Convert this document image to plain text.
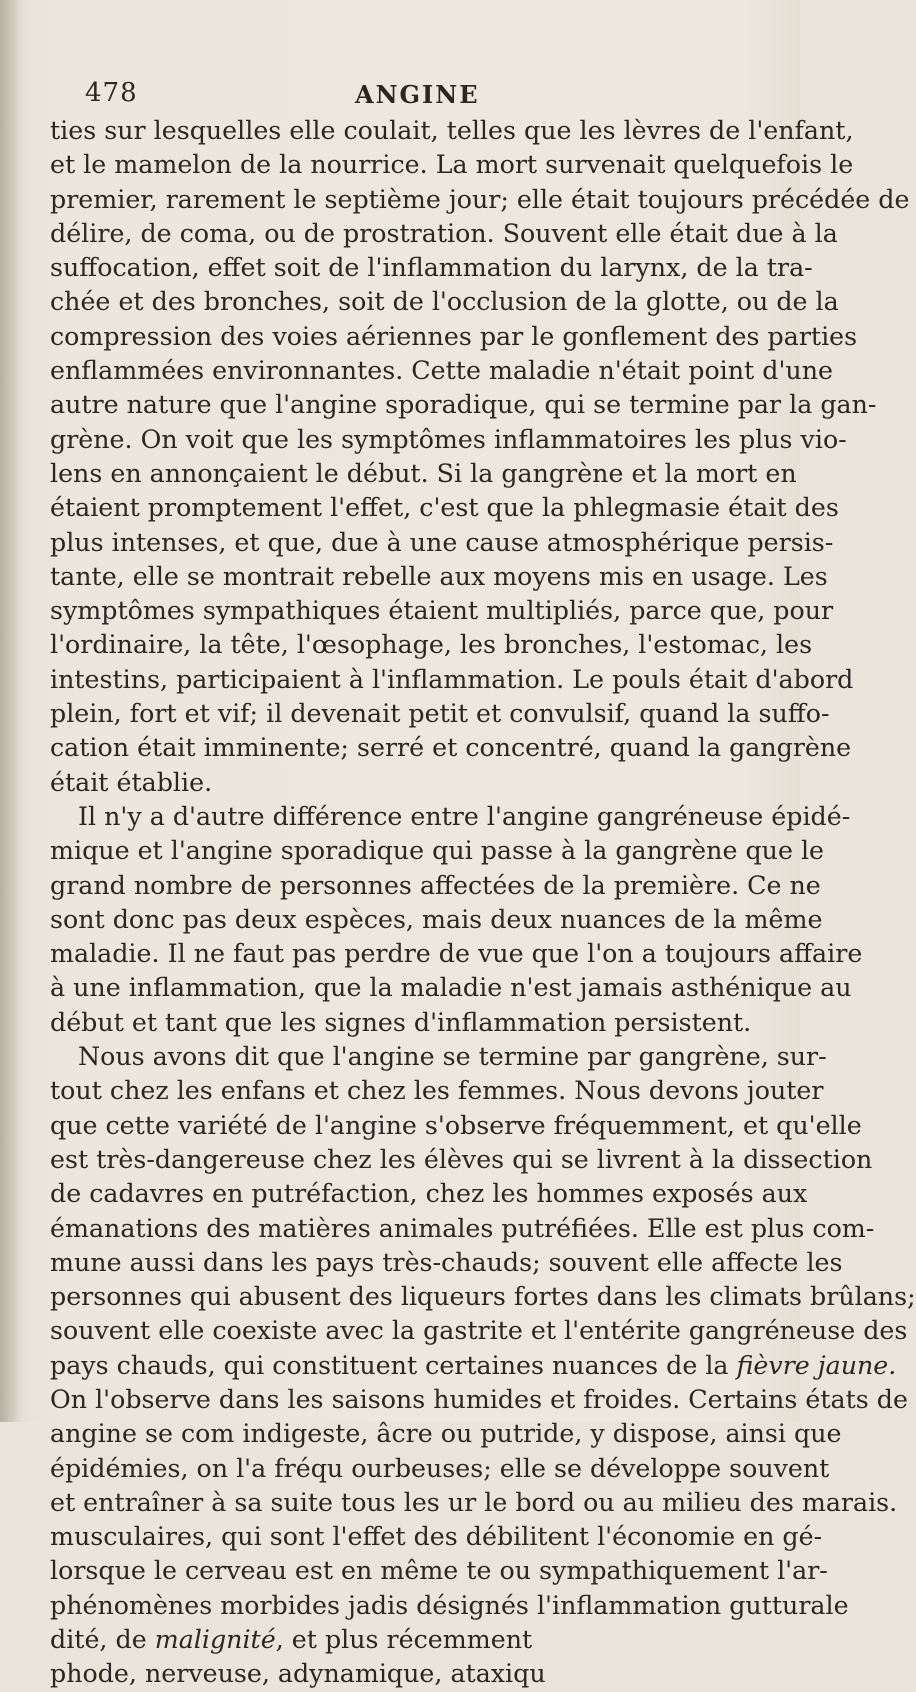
478	ANGINE
ties sur lesquelles elle coulait, telles que les lèvres de l'enfant,
et le mamelon de la nourrice. La mort survenait quelquefois le
premier, rarement le septième jour; elle était toujours précédée de
délire, de coma, ou de prostration. Souvent elle était due à la
suffocation, effet soit de l'inflammation du larynx, de la tra-
chée et des bronches, soit de l'occlusion de la glotte, ou de la
compression des voies aériennes par le gonflement des parties
enflammées environnantes. Cette maladie n'était point d'une
autre nature que l'angine sporadique, qui se termine par la gan-
grène. On voit que les symptômes inflammatoires les plus vio-
lens en annonçaient le début. Si la gangrène et la mort en
étaient promptement l'effet, c'est que la phlegmasie était des
plus intenses, et que, due à une cause atmosphérique persis-
tante, elle se montrait rebelle aux moyens mis en usage. Les
symptômes sympathiques étaient multipliés, parce que, pour
l'ordinaire, la tête, l'œsophage, les bronches, l'estomac, les
intestins, participaient à l'inflammation. Le pouls était d'abord
plein, fort et vif; il devenait petit et convulsif, quand la suffo-
cation était imminente; serré et concentré, quand la gangrène
était établie.
Il n'y a d'autre différence entre l'angine gangréneuse épidé-
mique et l'angine sporadique qui passe à la gangrène que le
grand nombre de personnes affectées de la première. Ce ne
sont donc pas deux espèces, mais deux nuances de la même
maladie. Il ne faut pas perdre de vue que l'on a toujours affaire
à une inflammation, que la maladie n'est jamais asthénique au
début et tant que les signes d'inflammation persistent.
Nous avons dit que l'angine se termine par gangrène, sur-
tout chez les enfans et chez les femmes. Nous devons jouter
que cette variété de l'angine s'observe fréquemment, et qu'elle
est très-dangereuse chez les élèves qui se livrent à la dissection
de cadavres en putréfaction, chez les hommes exposés aux
émanations des matières animales putréfiées. Elle est plus com-
mune aussi dans les pays très-chauds; souvent elle affecte les
personnes qui abusent des liqueurs fortes dans les climats brûlans;
souvent elle coexiste avec la gastrite et l'entérite gangréneuse des
pays chauds, qui constituent certaines nuances de la fièvre jaune.
On l'observe dans les saisons humides et froides. Certains états de
angine se com indigeste, âcre ou putride, y dispose, ainsi que
épidémies, on l'a fréqu ourbeuses; elle se développe souvent
et entraîner à sa suite tous les ur le bord ou au milieu des marais.
musculaires, qui sont l'effet des débilitent l'économie en gé-
lorsque le cerveau est en même te ou sympathiquement l'ar-
phénomènes morbides jadis désignés l'inflammation gutturale
dité, de malignité, et plus récemment
phode, nerveuse, adynamique, ataxiqu
